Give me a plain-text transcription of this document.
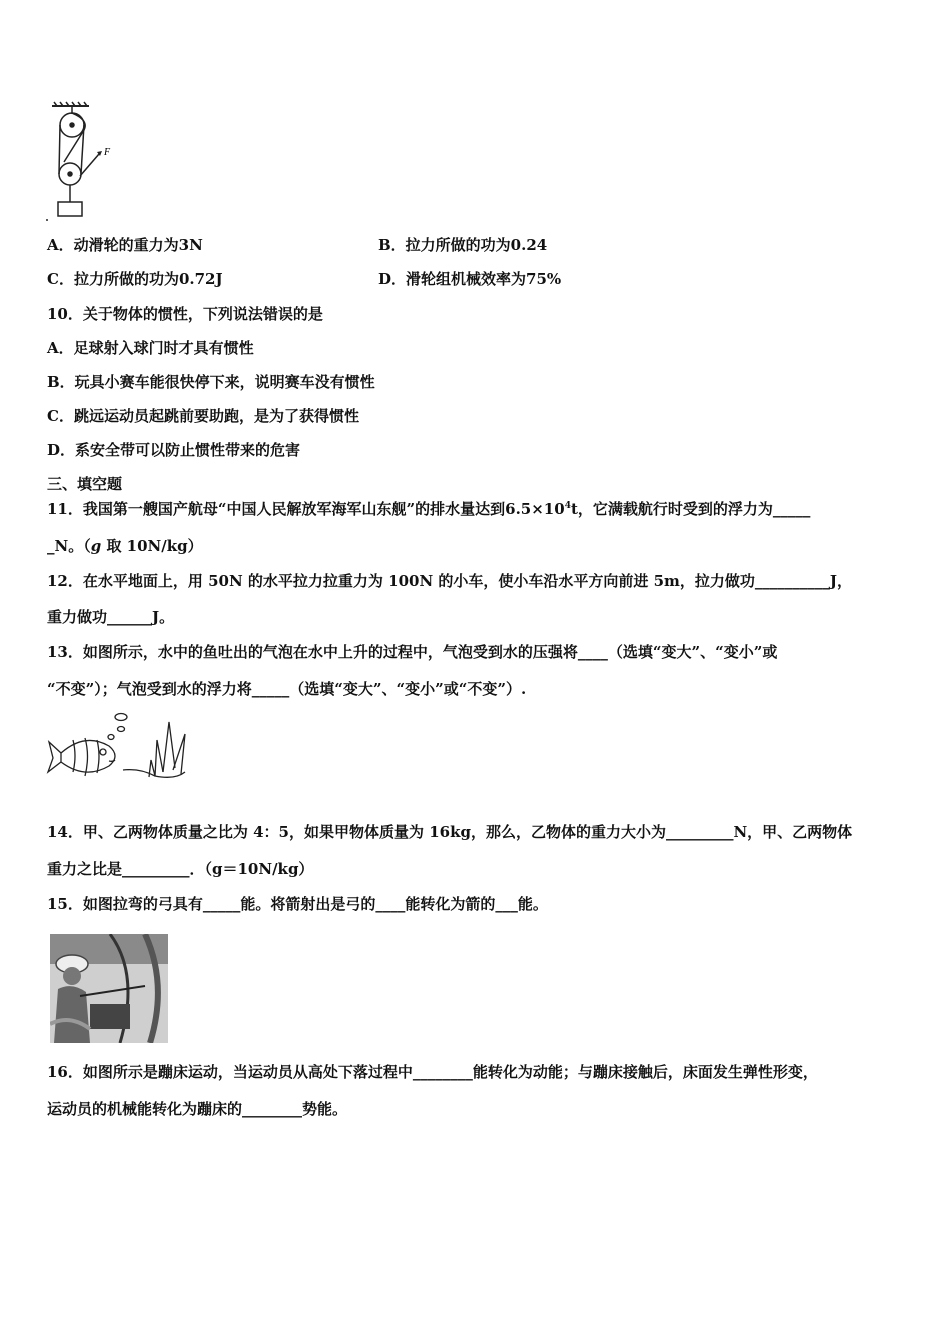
F
A．动滑轮的重力为3N	B．拉力所做的功为0.24
C．拉力所做的功为0.72J	D．滑轮组机械效率为75%
10．关于物体的惯性，下列说法错误的是
A．足球射入球门时才具有惯性
B．玩具小赛车能很快停下来，说明赛车没有惯性
C．跳远运动员起跳前要助跑，是为了获得惯性
D．系安全带可以防止惯性带来的危害
三、填空题
11．我国第一艘国产航母“中国人民解放军海军山东舰”的排水量达到$6.5\times 10^4t$，它满载航行时受到的浮力为_____
_N。（g 取 10N/kg）
12．在水平地面上，用 50N 的水平拉力拉重力为 100N 的小车，使小车沿水平方向前进 5m，拉力做功__________J，
重力做功______J。
13．如图所示，水中的鱼吐出的气泡在水中上升的过程中，气泡受到水的压强将____（选填“变大”、“变小”或
“不变”）；气泡受到水的浮力将_____（选填“变大”、“变小”或“不变”）.
14．甲、乙两物体质量之比为 4：5，如果甲物体质量为 16kg，那么，乙物体的重力大小为_________N，甲、乙两物体
重力之比是_________．（g＝10N/kg）
15．如图拉弯的弓具有_____能。将箭射出是弓的____能转化为箭的___能。
16．如图所示是蹦床运动，当运动员从高处下落过程中________能转化为动能；与蹦床接触后，床面发生弹性形变，
运动员的机械能转化为蹦床的________势能。
